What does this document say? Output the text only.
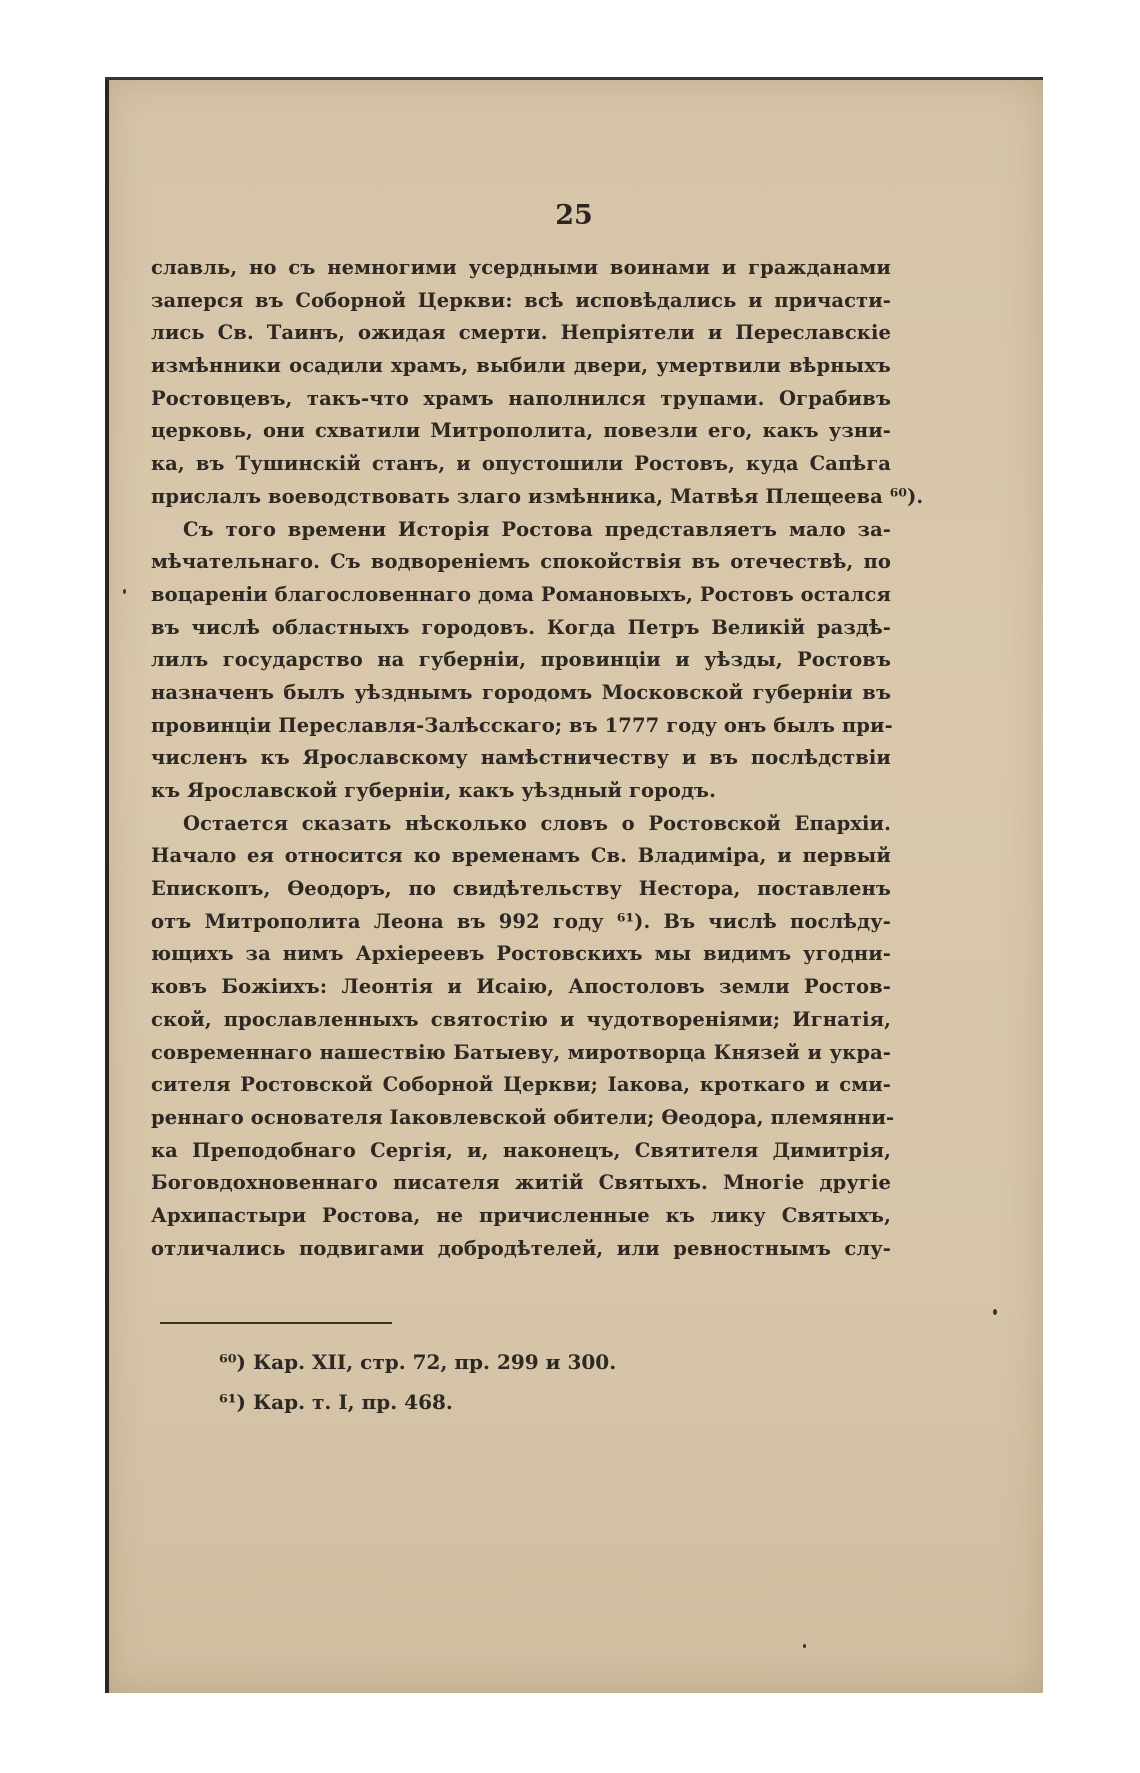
25
славль, но съ немногими усердными воинами и гражданами
заперся въ Соборной Церкви: всѣ исповѣдались и причасти-
лись Св. Таинъ, ожидая смерти. Непріятели и Переславскіе
измѣнники осадили храмъ, выбили двери, умертвили вѣрныхъ
Ростовцевъ, такъ-что храмъ наполнился трупами. Ограбивъ
церковь, они схватили Митрополита, повезли его, какъ узни-
ка, въ Тушинскій станъ, и опустошили Ростовъ, куда Сапѣга
прислалъ воеводствовать злаго измѣнника, Матвѣя Плещеева ⁶⁰).
Съ того времени Исторія Ростова представляетъ мало за-
мѣчательнаго. Съ водвореніемъ спокойствія въ отечествѣ, по
воцареніи благословеннаго дома Романовыхъ, Ростовъ остался
въ числѣ областныхъ городовъ. Когда Петръ Великій раздѣ-
лилъ государство на губерніи, провинціи и уѣзды, Ростовъ
назначенъ былъ уѣзднымъ городомъ Московской губерніи въ
провинціи Переславля-Залѣсскаго; въ 1777 году онъ былъ при-
численъ къ Ярославскому намѣстничеству и въ послѣдствіи
къ Ярославской губерніи, какъ уѣздный городъ.
Остается сказать нѣсколько словъ о Ростовской Епархіи.
Начало ея относится ко временамъ Св. Владиміра, и первый
Епископъ, Ѳеодоръ, по свидѣтельству Нестора, поставленъ
отъ Митрополита Леона въ 992 году ⁶¹). Въ числѣ послѣду-
ющихъ за нимъ Архіереевъ Ростовскихъ мы видимъ угодни-
ковъ Божіихъ: Леонтія и Исаію, Апостоловъ земли Ростов-
ской, прославленныхъ святостію и чудотвореніями; Игнатія,
современнаго нашествію Батыеву, миротворца Князей и укра-
сителя Ростовской Соборной Церкви; Іакова, кроткаго и сми-
реннаго основателя Іаковлевской обители; Ѳеодора, племянни-
ка Преподобнаго Сергія, и, наконецъ, Святителя Димитрія,
Боговдохновеннаго писателя житій Святыхъ. Многіе другіе
Архипастыри Ростова, не причисленные къ лику Святыхъ,
отличались подвигами добродѣтелей, или ревностнымъ слу-
⁶⁰) Кар. XII, стр. 72, пр. 299 и 300.
⁶¹) Кар. т. I, пр. 468.
